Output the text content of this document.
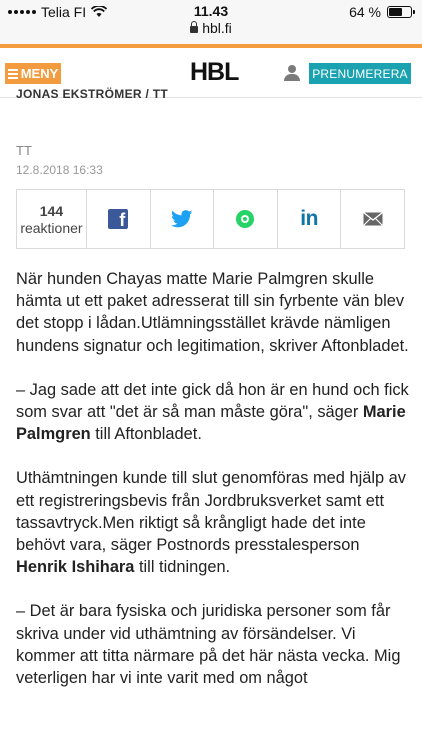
Telia FI	11.43	64 %
hbl.fi
MENY	HBL	PRENUMERERA
JONAS EKSTRÖMER / TT
TT
12.8.2018 16:33
144
reaktioner	f	in

När hunden Chayas matte Marie Palmgren skulle hämta ut ett paket adresserat till sin fyrbente vän blev det stopp i lådan.Utlämningsstället krävde nämligen hundens signatur och legitimation, skriver Aftonbladet.

– Jag sade att det inte gick då hon är en hund och fick som svar att "det är så man måste göra", säger Marie Palmgren till Aftonbladet.

Uthämtningen kunde till slut genomföras med hjälp av ett registreringsbevis från Jordbruksverket samt ett tassavtryck.Men riktigt så krångligt hade det inte behövt vara, säger Postnords presstalesperson Henrik Ishihara till tidningen.

– Det är bara fysiska och juridiska personer som får skriva under vid uthämtning av försändelser. Vi kommer att titta närmare på det här nästa vecka. Mig veterligen har vi inte varit med om något
